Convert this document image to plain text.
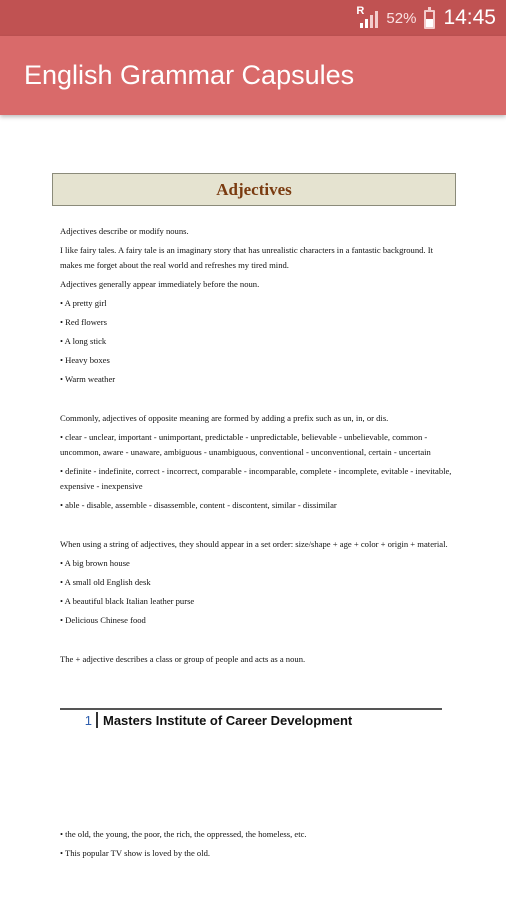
R 52% 14:45
English Grammar Capsules
Adjectives

Adjectives describe or modify nouns.

I like fairy tales. A fairy tale is an imaginary story that has unrealistic characters in a fantastic background. It makes me forget about the real world and refreshes my tired mind.

Adjectives generally appear immediately before the noun.

• A pretty girl
• Red flowers
• A long stick
• Heavy boxes
• Warm weather

Commonly, adjectives of opposite meaning are formed by adding a prefix such as un, in, or dis.

• clear - unclear, important - unimportant, predictable - unpredictable, believable - unbelievable, common - uncommon, aware - unaware, ambiguous - unambiguous, conventional - unconventional, certain - uncertain
• definite - indefinite, correct - incorrect, comparable - incomparable, complete - incomplete, evitable - inevitable, expensive - inexpensive
• able - disable, assemble - disassemble, content - discontent, similar - dissimilar

When using a string of adjectives, they should appear in a set order: size/shape + age + color + origin + material.

• A big brown house
• A small old English desk
• A beautiful black Italian leather purse
• Delicious Chinese food

The + adjective describes a class or group of people and acts as a noun.

1 Masters Institute of Career Development
• the old, the young, the poor, the rich, the oppressed, the homeless, etc.
• This popular TV show is loved by the old.
